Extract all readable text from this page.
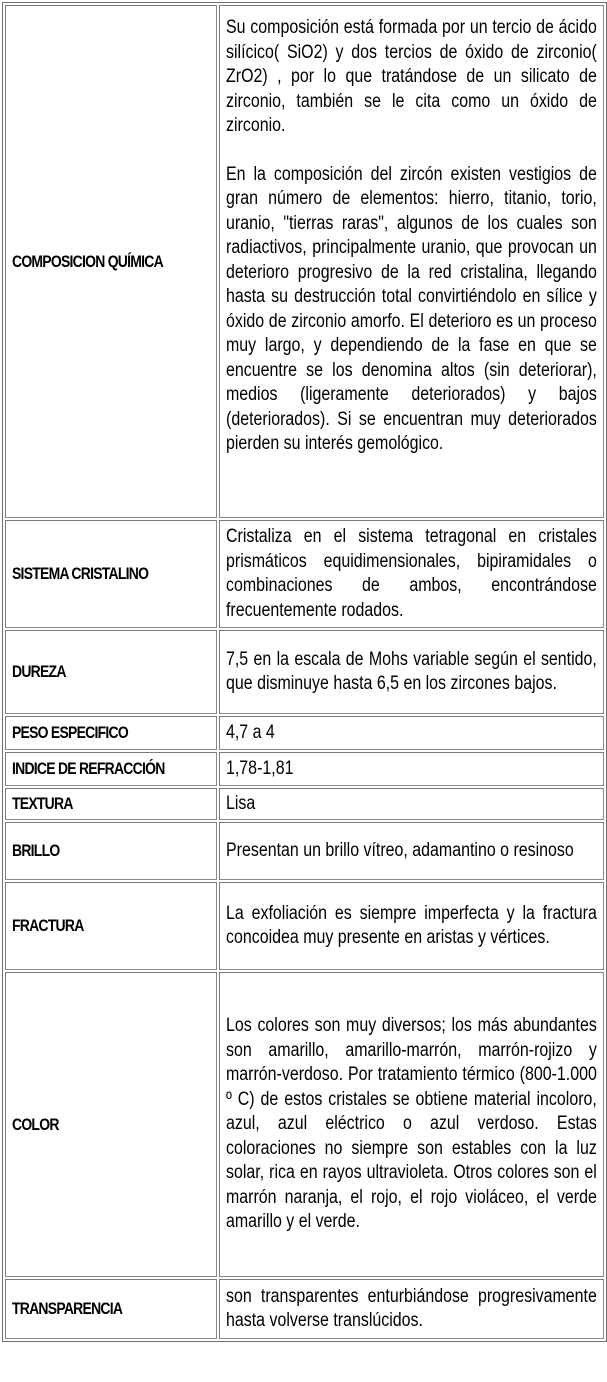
COMPOSICION QUÍMICA	Su composición está formada por un tercio de ácido silícico( SiO2) y dos tercios de óxido de zirconio( ZrO2) , por lo que tratándose de un silicato de zirconio, también se le cita como un óxido de zirconio.

En la composición del zircón existen vestigios de gran número de elementos: hierro, titanio, torio, uranio, "tierras raras", algunos de los cuales son radiactivos, principalmente uranio, que provocan un deterioro progresivo de la red cristalina, llegando hasta su destrucción total convirtiéndolo en sílice y óxido de zirconio amorfo. El deterioro es un proceso muy largo, y dependiendo de la fase en que se encuentre se los denomina altos (sin deteriorar), medios (ligeramente deteriorados) y bajos (deteriorados). Si se encuentran muy deteriorados pierden su interés gemológico.

SISTEMA CRISTALINO	Cristaliza en el sistema tetragonal en cristales prismáticos equidimensionales, bipiramidales o combinaciones de ambos, encontrándose frecuentemente rodados.

DUREZA	7,5 en la escala de Mohs variable según el sentido, que disminuye hasta 6,5 en los zircones bajos.

PESO ESPECIFICO	4,7 a 4

INDICE DE REFRACCIÓN	1,78-1,81

TEXTURA	Lisa

BRILLO	Presentan un brillo vítreo, adamantino o resinoso

FRACTURA	La exfoliación es siempre imperfecta y la fractura concoidea muy presente en aristas y vértices.

COLOR	Los colores son muy diversos; los más abundantes son amarillo, amarillo-marrón, marrón-rojizo y marrón-verdoso. Por tratamiento térmico (800-1.000 º C) de estos cristales se obtiene material incoloro, azul, azul eléctrico o azul verdoso. Estas coloraciones no siempre son estables con la luz solar, rica en rayos ultravioleta. Otros colores son el marrón naranja, el rojo, el rojo violáceo, el verde amarillo y el verde.

TRANSPARENCIA	son transparentes enturbiándose progresivamente hasta volverse translúcidos.
